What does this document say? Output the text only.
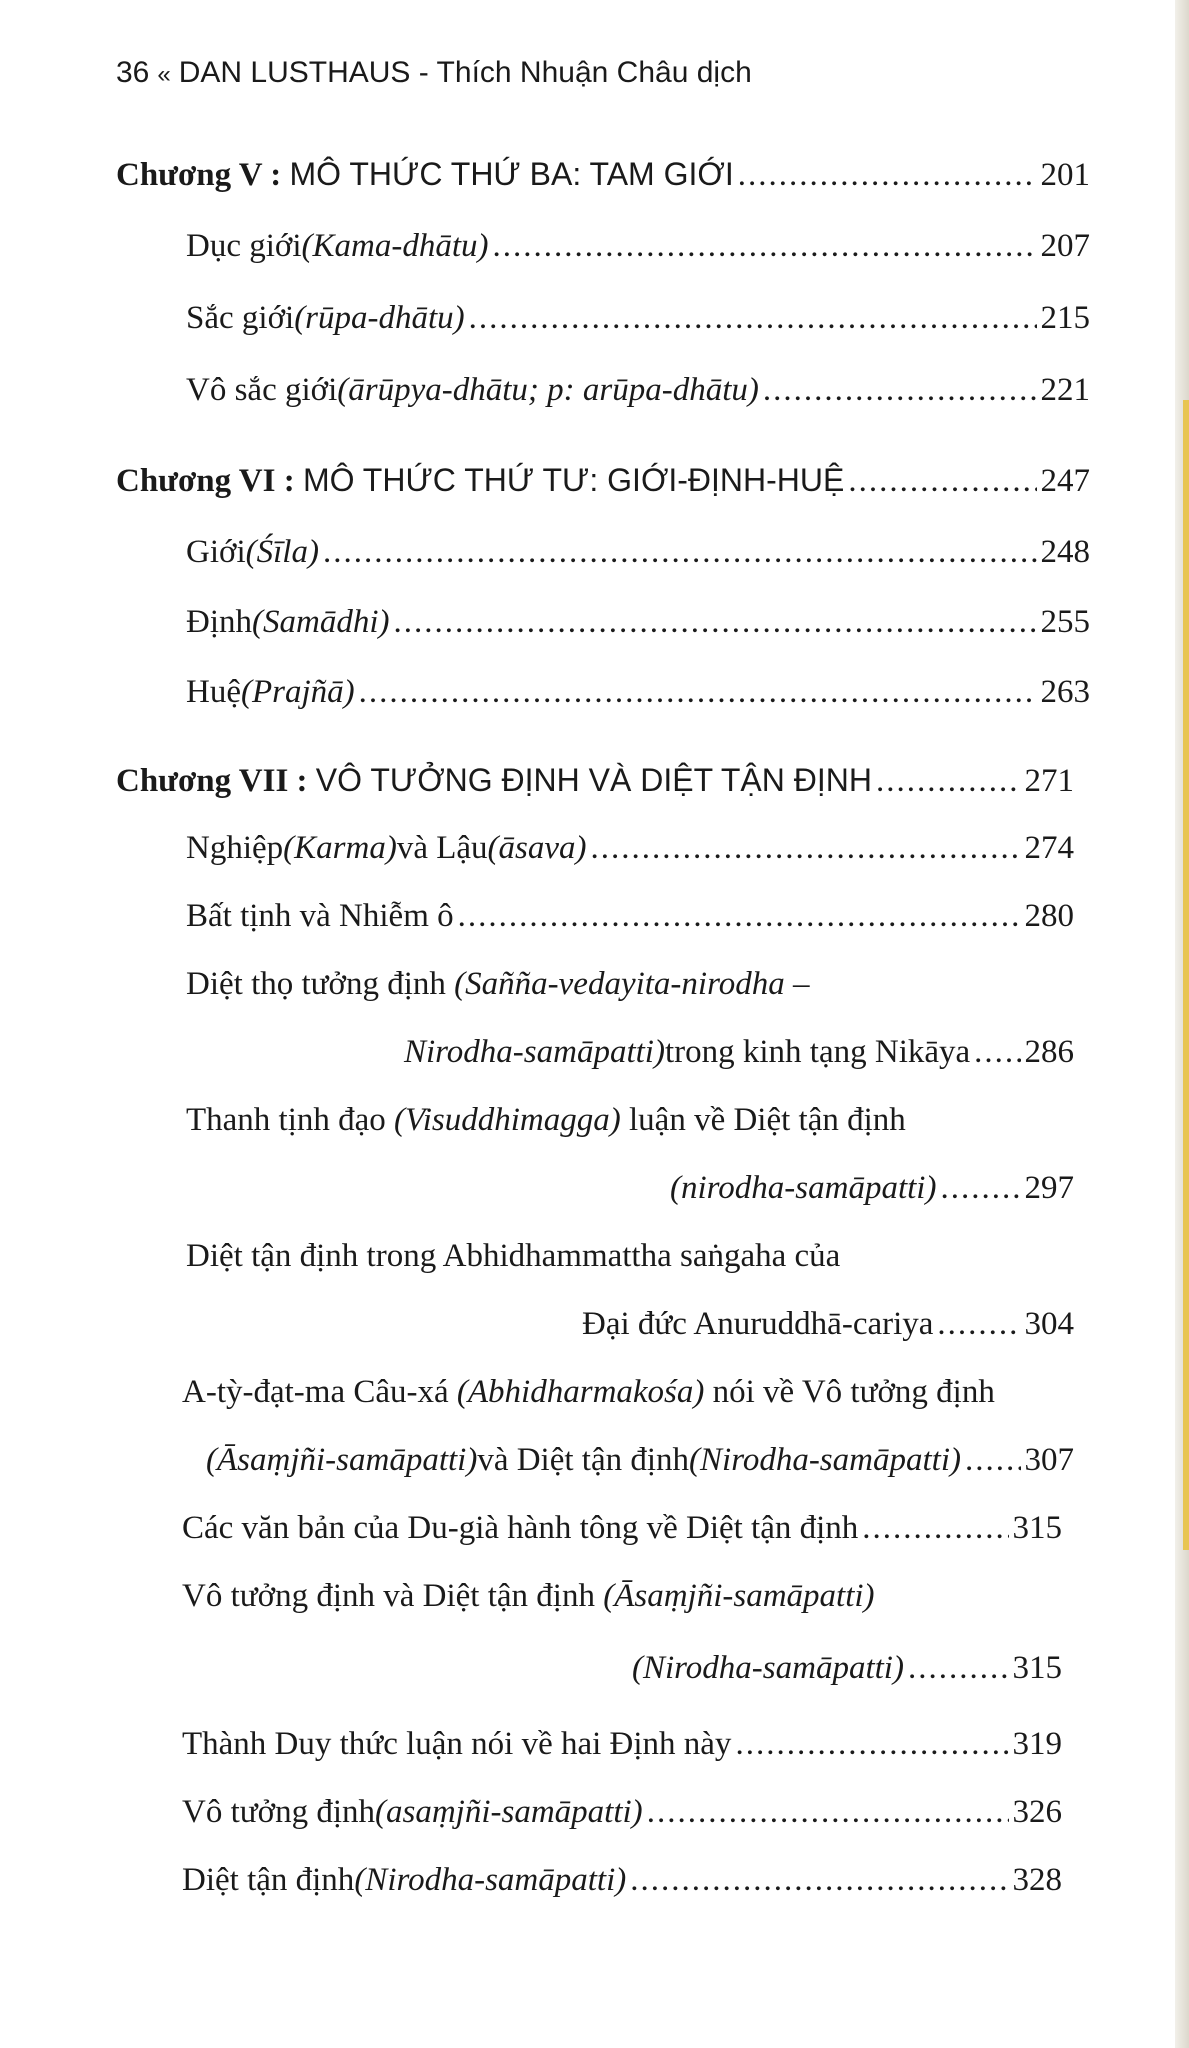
36 « DAN LUSTHAUS - Thích Nhuận Châu dịch
Chương V :
MÔ THỨC THỨ BA: TAM GIỚI .....	201
Dục giới (Kama-dhātu) .....	207
Sắc giới (rūpa-dhātu) .....	215
Vô sắc giới (ārūpya-dhātu; p: arūpa-dhātu) .....	221
Chương VI :
MÔ THỨC THỨ TƯ: GIỚI-ĐỊNH-HUỆ .....	247
Giới (Śīla) .....	248
Định (Samādhi) .....	255
Huệ (Prajñā) .....	263
Chương VII :
VÔ TƯỞNG ĐỊNH VÀ DIỆT TẬN ĐỊNH .....	271
Nghiệp (Karma) và Lậu (āsava) .....	274
Bất tịnh và Nhiễm ô .....	280
Diệt thọ tưởng định (Saññа-vedayita-nirodha –
Nirodha-samāpatti) trong kinh tạng Nikāya ..... 286
Thanh tịnh đạo (Visuddhimagga) luận về Diệt tận định
(nirodha-samāpatti) .....	297
Diệt tận định trong Abhidhammattha saṅgaha của
Đại đức Anuruddhā-cariya .....	304
A-tỳ-đạt-ma Câu-xá (Abhidharmakośa) nói về Vô tưởng định
(Āsaṃjñi-samāpatti) và Diệt tận định (Nirodha-samāpatti) ..... 307
Các văn bản của Du-già hành tông về Diệt tận định .....	315
Vô tưởng định và Diệt tận định (Āsaṃjñi-samāpatti)
(Nirodha-samāpatti) .....	315
Thành Duy thức luận nói về hai Định này .....	319
Vô tưởng định (asaṃjñi-samāpatti) .....	326
Diệt tận định (Nirodha-samāpatti) .....	328
